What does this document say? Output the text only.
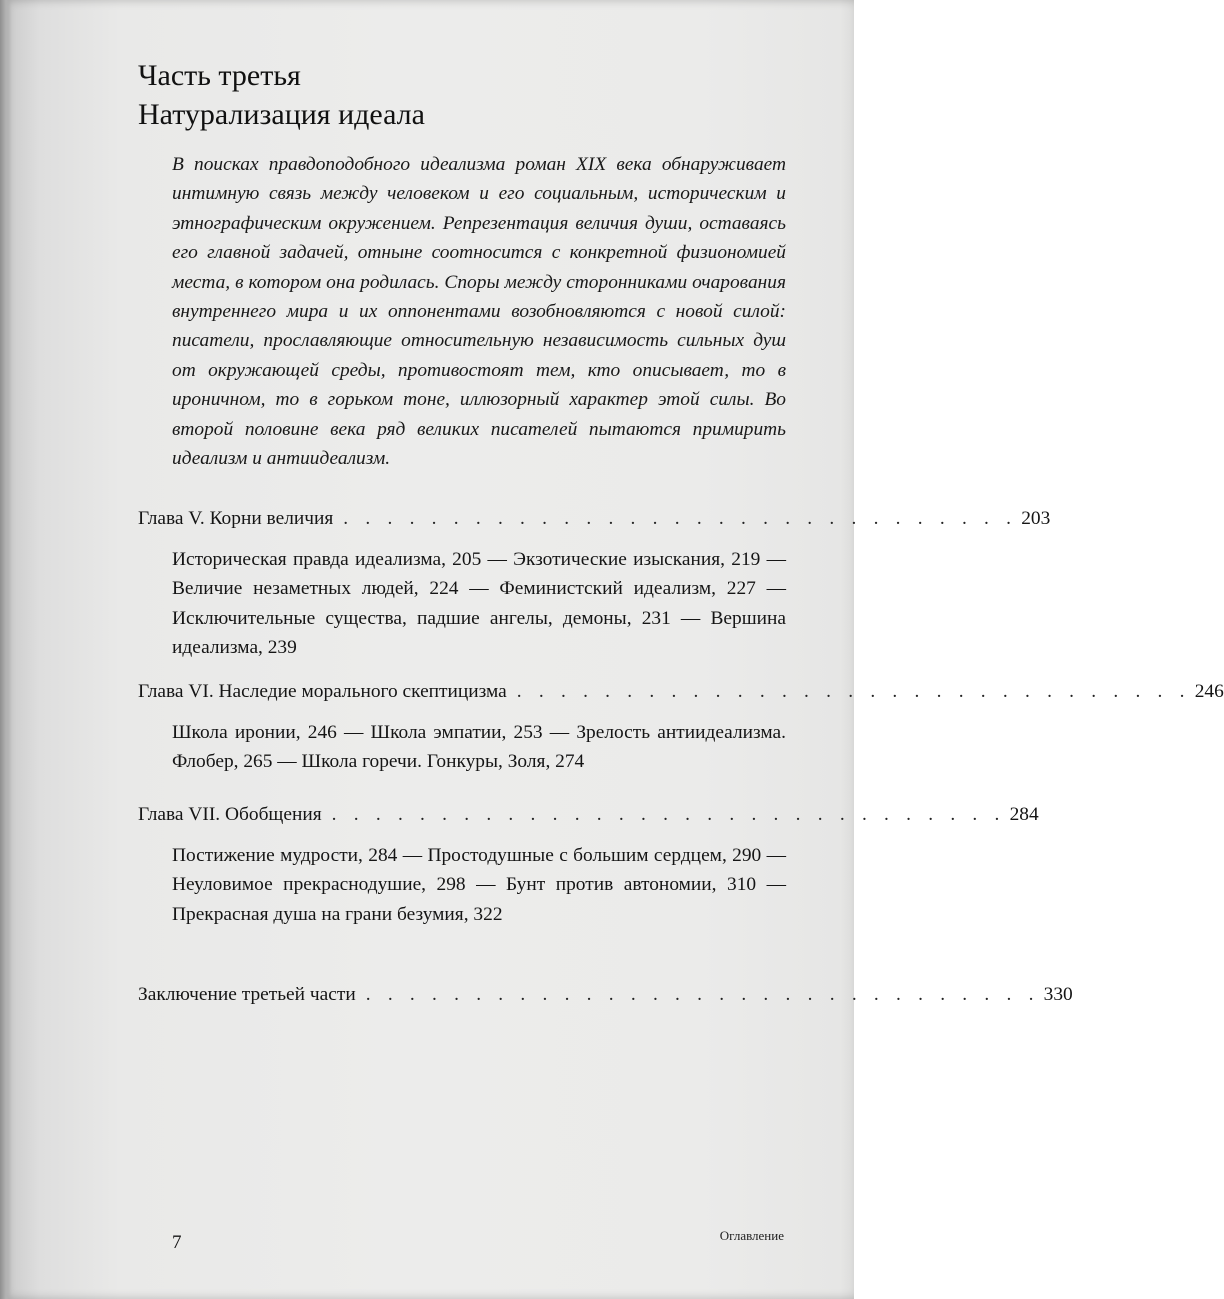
Часть третья
Натурализация идеала

В поисках правдоподобного идеализма роман XIX века обнаруживает интимную связь между человеком и его социальным, историческим и этнографическим окружением. Репрезентация величия души, оставаясь его главной задачей, отныне соотносится с конкретной физиономией места, в котором она родилась. Споры между сторонниками очарования внутреннего мира и их оппонентами возобновляются с новой силой: писатели, прославляющие относительную независимость сильных душ от окружающей среды, противостоят тем, кто описывает, то в ироничном, то в горьком тоне, иллюзорный характер этой силы. Во второй половине века ряд великих писателей пытаются примирить идеализм и антиидеализм.

Глава V. Корни величия . . . . . . . . . . . . . . . . . . . . . . . . . . . . . . . 203
Историческая правда идеализма, 205 — Экзотические изыскания, 219 — Величие незаметных людей, 224 — Феминистский идеализм, 227 — Исключительные существа, падшие ангелы, демоны, 231 — Вершина идеализма, 239
Глава VI. Наследие морального скептицизма . . . . . . . . . . . . . . . . . . . . . . . . . . . . . . . 246
Школа иронии, 246 — Школа эмпатии, 253 — Зрелость антиидеализма. Флобер, 265 — Школа горечи. Гонкуры, Золя, 274
Глава VII. Обобщения . . . . . . . . . . . . . . . . . . . . . . . . . . . . . . . 284
Постижение мудрости, 284 — Простодушные с большим сердцем, 290 — Неуловимое прекраснодушие, 298 — Бунт против автономии, 310 — Прекрасная душа на грани безумия, 322
Заключение третьей части . . . . . . . . . . . . . . . . . . . . . . . . . . . . . . . 330
7	Оглавление
